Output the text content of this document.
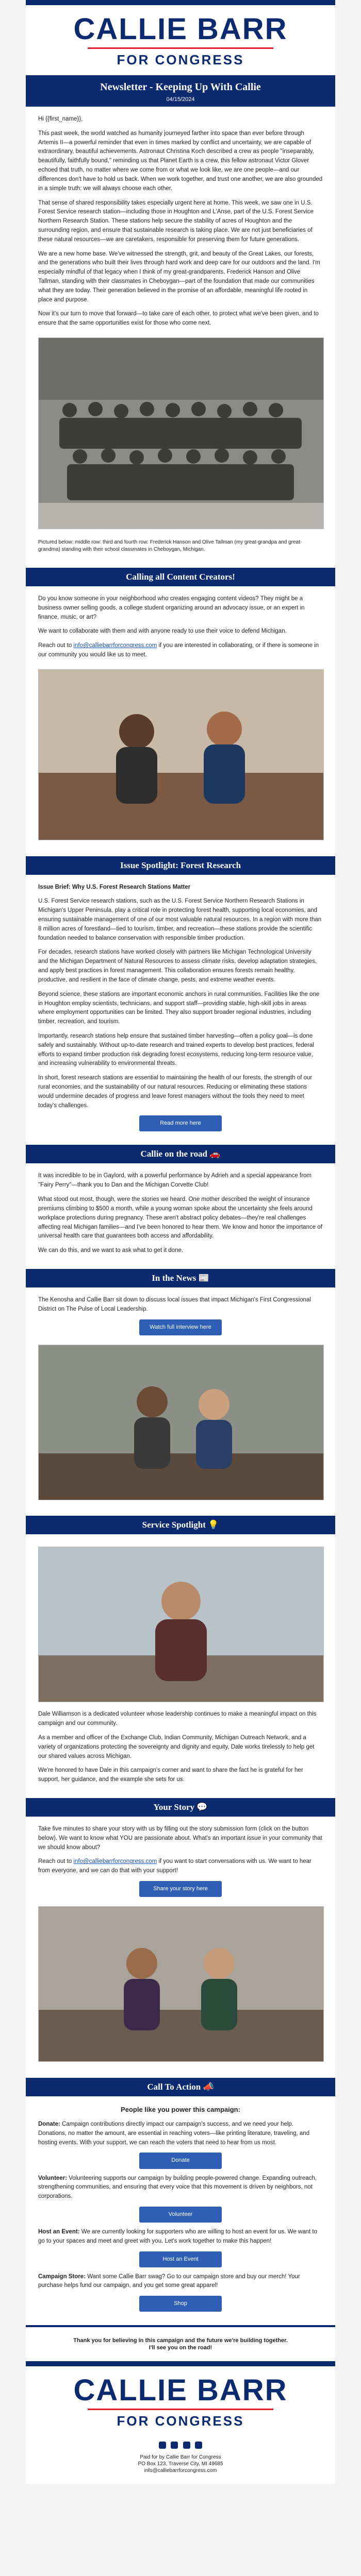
CALLIE BARR
FOR CONGRESS
Newsletter - Keeping Up With Callie
04/15/2024

Hi {{first_name}},

This past week, the world watched as humanity journeyed farther into space than ever before through Artemis II—a powerful reminder that even in times marked by conflict and uncertainty, we are capable of extraordinary, beautiful achievements. Astronaut Christina Koch described a crew as people "inseparably, beautifully, faithfully bound," reminding us that Planet Earth is a crew, this fellow astronaut Victor Glover echoed that truth, no matter where we come from or what we look like, we are one people—and our differences don't have to hold us back. When we work together, and trust one another, we are also grounded in a simple truth: we will always choose each other.

That sense of shared responsibility takes especially urgent here at home. This week, we saw one in U.S. Forest Service research station—including those in Houghton and L'Anse, part of the U.S. Forest Service Northern Research Station. These stations help secure the stability of acres of Houghton and the surrounding region, and ensure that sustainable research is taking place. We are not just beneficiaries of these natural resources—we are caretakers, responsible for preserving them for future generations.

We are a new home base. We've witnessed the strength, grit, and beauty of the Great Lakes, our forests, and the generations who built their lives through hard work and deep care for our outdoors and the land. I'm especially mindful of that legacy when I think of my great-grandparents, Frederick Hanson and Olive Tallman, standing with their classmates in Cheboygan—part of the foundation that made our communities what they are today. Their generation believed in the promise of an affordable, meaningful life rooted in place and purpose.

Now it's our turn to move that forward—to take care of each other, to protect what we've been given, and to ensure that the same opportunities exist for those who come next.

Pictured below: middle row: third and fourth row: Frederick Hanson and Olive Tallman (my great-grandpa and great-grandma) standing with their school classmates in Cheboygan, Michigan.
Calling all Content Creators!

Do you know someone in your neighborhood who creates engaging content videos? They might be a business owner selling goods, a college student organizing around an advocacy issue, or an expert in finance, music, or art?

We want to collaborate with them and with anyone ready to use their voice to defend Michigan.

Reach out to info@calliebarrforcongress.com if you are interested in collaborating, or if there is someone in our community you would like us to meet.

Issue Spotlight: Forest Research

Issue Brief: Why U.S. Forest Research Stations Matter

U.S. Forest Service research stations, such as the U.S. Forest Service Northern Research Stations in Michigan's Upper Peninsula, play a critical role in protecting forest health, supporting local economies, and ensuring sustainable management of one of our most valuable natural resources. In a region with more than 8 million acres of forestland—tied to tourism, timber, and recreation—these stations provide the scientific foundation needed to balance conservation with responsible timber production.

For decades, research stations have worked closely with partners like Michigan Technological University and the Michigan Department of Natural Resources to assess climate risks, develop adaptation strategies, and apply best practices in forest management. This collaboration ensures forests remain healthy, productive, and resilient in the face of climate change, pests, and extreme weather events.

Beyond science, these stations are important economic anchors in rural communities. Facilities like the one in Houghton employ scientists, technicians, and support staff—providing stable, high-skill jobs in areas where employment opportunities can be limited. They also support broader regional industries, including timber, recreation, and tourism.

Importantly, research stations help ensure that sustained timber harvesting—often a policy goal—is done safely and sustainably. Without up-to-date research and trained experts to develop best practices, federal efforts to expand timber production risk degrading forest ecosystems, reducing long-term resource value, and increasing vulnerability to environmental threats.

In short, forest research stations are essential to maintaining the health of our forests, the strength of our rural economies, and the sustainability of our natural resources. Reducing or eliminating these stations would undermine decades of progress and leave forest managers without the tools they need to meet today's challenges.

Read more here
Callie on the road 🚗

It was incredible to be in Gaylord, with a powerful performance by Adrieh and a special appearance from "Fairy Perry"—thank you to Dan and the Michigan Corvette Club!

What stood out most, though, were the stories we heard. One mother described the weight of insurance premiums climbing to $500 a month, while a young woman spoke about the uncertainty she feels around workplace protections during pregnancy. These aren't abstract policy debates—they're real challenges affecting real Michigan families—and I've been honored to hear them. We know and honor the importance of universal health care that guarantees both access and affordability.

We can do this, and we want to ask what to get it done.

In the News 📰

The Kenosha and Callie Barr sit down to discuss local issues that impact Michigan's First Congressional District on The Pulse of Local Leadership.

Watch full interview here
Service Spotlight 💡

Dale Williamson is a dedicated volunteer whose leadership continues to make a meaningful impact on this campaign and our community.

As a member and officer of the Exchange Club, Indian Community, Michigan Outreach Network, and a variety of organizations protecting the sovereignty and dignity and equity, Dale works tirelessly to help get our shared values across Michigan.

We're honored to have Dale in this campaign's corner and want to share the fact he is grateful for her support, her guidance, and the example she sets for us.

Your Story 💬

Take five minutes to share your story with us by filling out the story submission form (click on the button below). We want to know what YOU are passionate about. What's an important issue in your community that we should know about?

Reach out to info@calliebarrforcongress.com if you want to start conversations with us. We want to hear from everyone, and we can do that with your support!

Share your story here
Call To Action 📣

People like you power this campaign:

Donate: Campaign contributions directly impact our campaign's success, and we need your help. Donations, no matter the amount, are essential in reaching voters—like printing literature, traveling, and hosting events. With your support, we can reach the voters that need to hear from us most.

Donate

Volunteer: Volunteering supports our campaign by building people-powered change. Expanding outreach, strengthening communities, and ensuring that every voice that this movement is driven by neighbors, not corporations.

Volunteer

Host an Event: We are currently looking for supporters who are willing to host an event for us. We want to go to your spaces and meet and greet with you. Let's work together to make this happen!

Host an Event

Campaign Store: Want some Callie Barr swag? Go to our campaign store and buy our merch! Your purchase helps fund our campaign, and you get some great apparel!

Shop

Thank you for believing in this campaign and the future we're building together.

I'll see you on the road!

CALLIE BARR
FOR CONGRESS

Paid for by Callie Barr for Congress

PO Box 123, Traverse City, MI 49685

info@calliebarrforcongress.com
